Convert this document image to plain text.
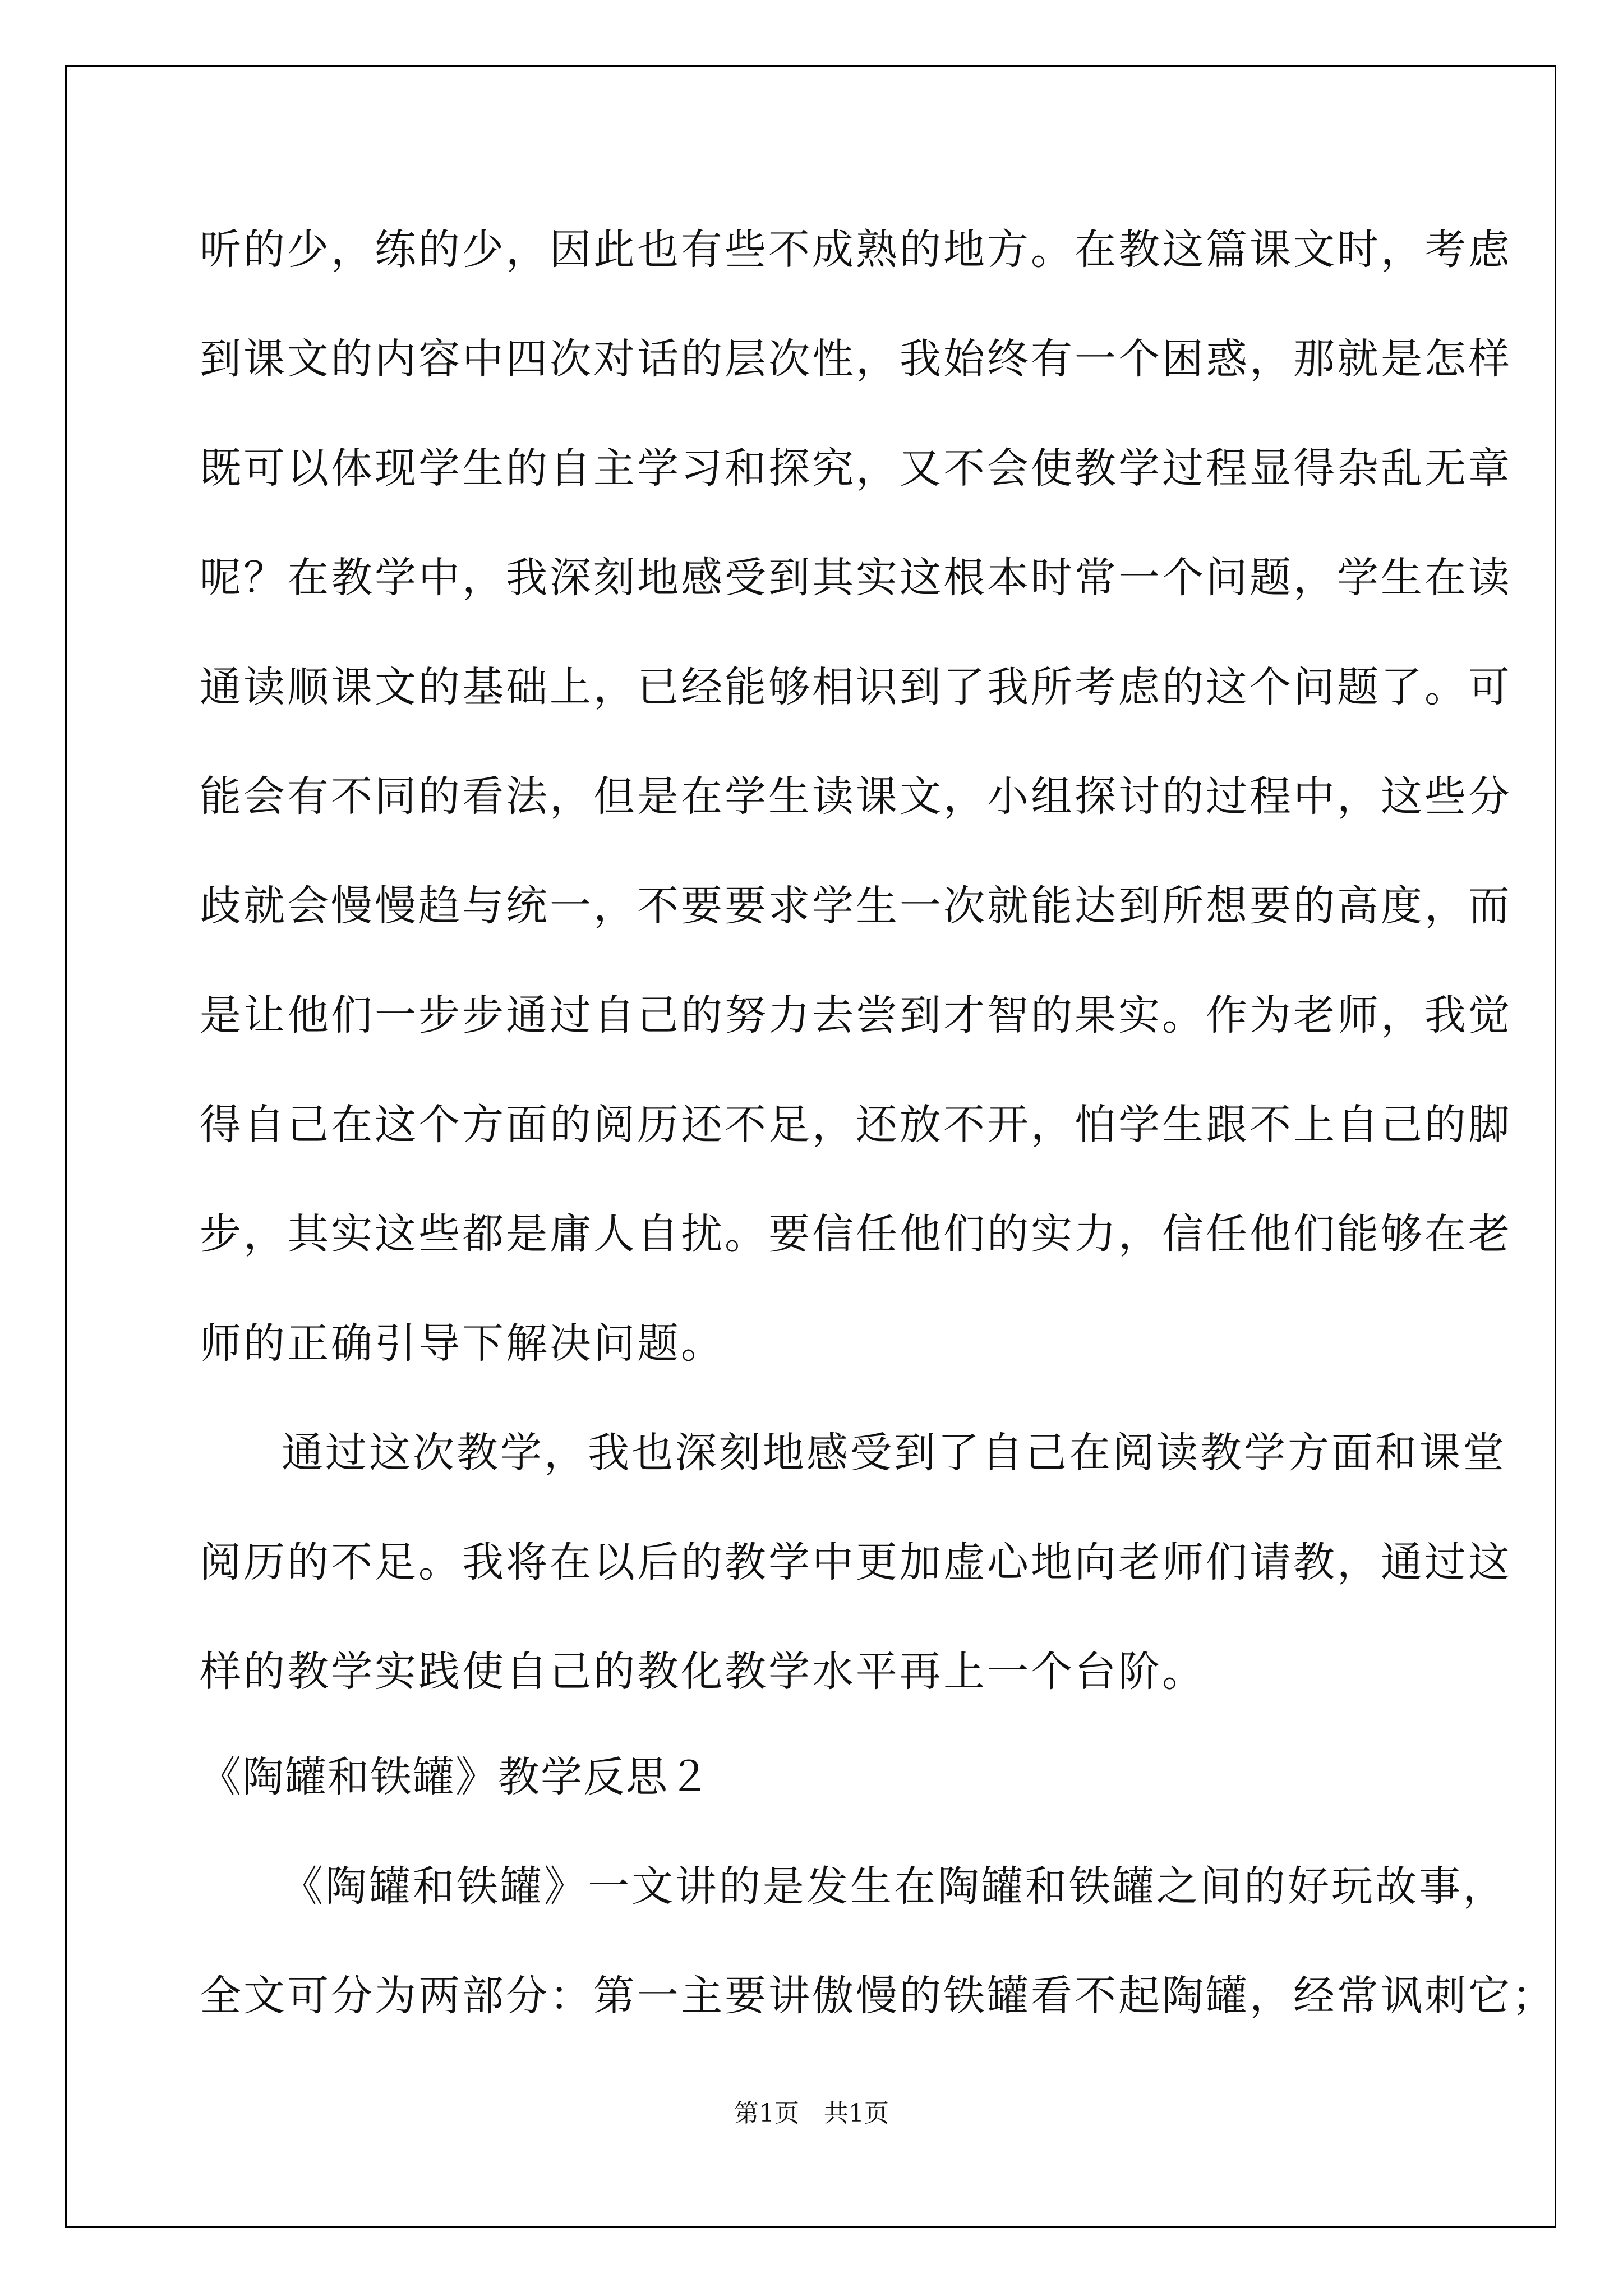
听的少，练的少，因此也有些不成熟的地方。在教这篇课文时，考虑
到课文的内容中四次对话的层次性，我始终有一个困惑，那就是怎样
既可以体现学生的自主学习和探究，又不会使教学过程显得杂乱无章
呢？在教学中，我深刻地感受到其实这根本时常一个问题，学生在读
通读顺课文的基础上，已经能够相识到了我所考虑的这个问题了。可
能会有不同的看法，但是在学生读课文，小组探讨的过程中，这些分
歧就会慢慢趋与统一，不要要求学生一次就能达到所想要的高度，而
是让他们一步步通过自己的努力去尝到才智的果实。作为老师，我觉
得自己在这个方面的阅历还不足，还放不开，怕学生跟不上自己的脚
步，其实这些都是庸人自扰。要信任他们的实力，信任他们能够在老
师的正确引导下解决问题。
通过这次教学，我也深刻地感受到了自己在阅读教学方面和课堂
阅历的不足。我将在以后的教学中更加虚心地向老师们请教，通过这
样的教学实践使自己的教化教学水平再上一个台阶。
《陶罐和铁罐》教学反思２
《陶罐和铁罐》一文讲的是发生在陶罐和铁罐之间的好玩故事，
全文可分为两部分：第一主要讲傲慢的铁罐看不起陶罐，经常讽刺它；
第1页　共1页
